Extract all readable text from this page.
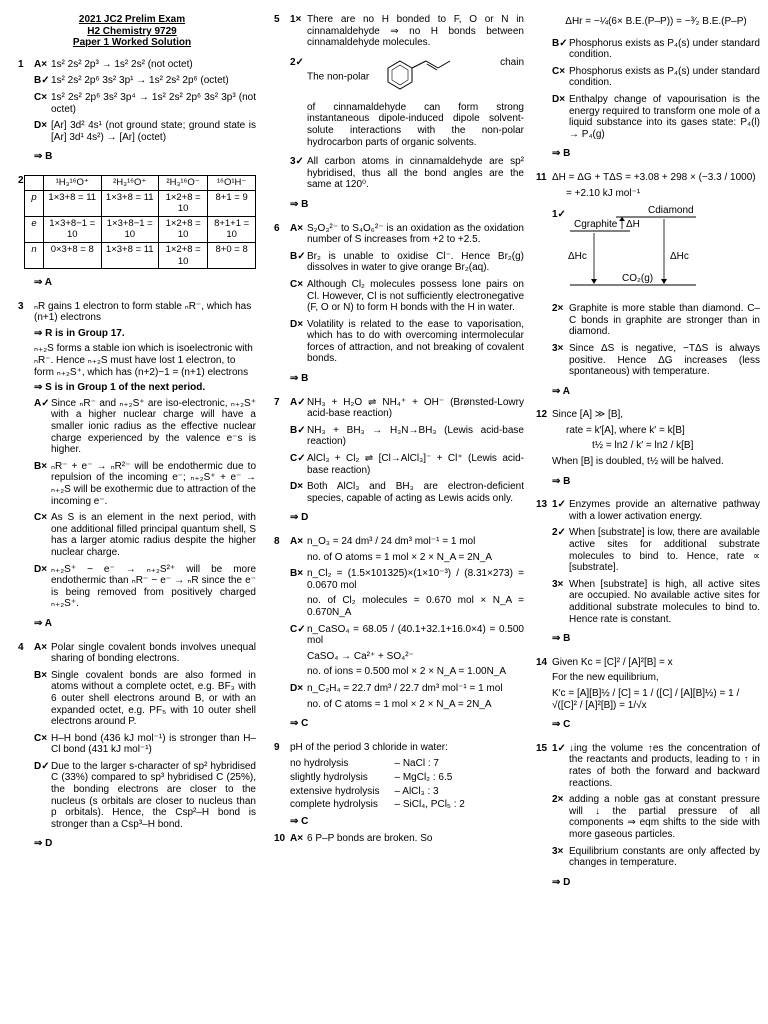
2021 JC2 Prelim Exam
H2 Chemistry 9729
Paper 1 Worked Solution
1 A× 1s² 2s² 2p³ → 1s² 2s² (not octet)
B✓ 1s² 2s² 2p⁶ 3s² 3p¹ → 1s² 2s² 2p⁶ (octet)
C× 1s² 2s² 2p⁶ 3s² 3p⁴ → 1s² 2s² 2p⁶ 3s² 3p³ (not octet)
D× [Ar] 3d² 4s¹ (not ground state; ground state is [Ar] 3d¹ 4s²) → [Ar] (octet)
⇒ B
2
		¹H₃¹⁶O⁺	²H₃¹⁶O⁺	²H₃¹⁶O⁻	¹⁶O¹H⁻
p	1×3+8 = 11	1×3+8 = 11	1×2+8 = 10	8+1 = 9
e	1×3+8−1 = 10	1×3+8−1 = 10	1×2+8 = 10	8+1+1 = 10
n	0×3+8 = 8	1×3+8 = 11	1×2+8 = 10	8+0 = 8
⇒ A
3 ₙR gains 1 electron to form stable ₙR⁻, which has (n+1) electrons

⇒ R is in Group 17.

ₙ₊₂S forms a stable ion which is isoelectronic with ₙR⁻. Hence ₙ₊₂S must have lost 1 electron, to form ₙ₊₂S⁺, which has (n+2)−1 = (n+1) electrons

⇒ S is in Group 1 of the next period.

A✓ Since ₙR⁻ and ₙ₊₂S⁺ are iso-electronic, ₙ₊₂S⁺ with a higher nuclear charge will have a smaller ionic radius as the effective nuclear charge experienced by the valence e⁻s is higher.
B× ₙR⁻ + e⁻ → ₙR²⁻ will be endothermic due to repulsion of the incoming e⁻; ₙ₊₂S⁺ + e⁻ → ₙ₊₂S will be exothermic due to attraction of the incoming e⁻.
C× As S is an element in the next period, with one additional filled principal quantum shell, S has a larger atomic radius despite the higher nuclear charge.
D× ₙ₊₂S⁺ − e⁻ → ₙ₊₂S²⁺ will be more endothermic than ₙR⁻ − e⁻ → ₙR since the e⁻ is being removed from positively charged ₙ₊₂S⁺.
⇒ A
4 A× Polar single covalent bonds involves unequal sharing of bonding electrons.
B× Single covalent bonds are also formed in atoms without a complete octet, e.g. BF₃ with 6 outer shell electrons around B, or with an expanded octet, e.g. PF₅ with 10 outer shell electrons around P.
C× H–H bond (436 kJ mol⁻¹) is stronger than H–Cl bond (431 kJ mol⁻¹)
D✓ Due to the larger s-character of sp² hybridised C (33%) compared to sp³ hybridised C (25%), the bonding electrons are closer to the nucleus (s orbitals are closer to nucleus than p orbitals). Hence, the Csp²–H bond is stronger than a Csp³–H bond.
⇒ D
5 1× There are no H bonded to F, O or N in cinnamaldehyde ⇒ no H bonds between cinnamaldehyde molecules.
2✓
The non-polar
chain
of cinnamaldehyde can form strong instantaneous dipole-induced dipole solvent-solute interactions with the non-polar hydrocarbon parts of organic solvents.
3✓ All carbon atoms in cinnamaldehyde are sp² hybridised, thus all the bond angles are the same at 120⁰.
⇒ B
6 A× S₂O₃²⁻ to S₄O₆²⁻ is an oxidation as the oxidation number of S increases from +2 to +2.5.
B✓ Br₂ is unable to oxidise Cl⁻. Hence Br₂(g) dissolves in water to give orange Br₂(aq).
C× Although Cl₂ molecules possess lone pairs on Cl. However, Cl is not sufficiently electronegative (F, O or N) to form H bonds with the H in water.
D× Volatility is related to the ease to vaporisation, which has to do with overcoming intermolecular forces of attraction, and not breaking of covalent bonds.
⇒ B
7 A✓ NH₃ + H₂O ⇌ NH₄⁺ + OH⁻ (Brønsted-Lowry acid-base reaction)
B✓ NH₃ + BH₃ → H₃N→BH₃ (Lewis acid-base reaction)
C✓ AlCl₃ + Cl₂ ⇌ [Cl→AlCl₃]⁻ + Cl⁺ (Lewis acid-base reaction)
D× Both AlCl₃ and BH₃ are electron-deficient species, capable of acting as Lewis acids only.
⇒ D
8 A× n_O₃ = 24 dm³ / 24 dm³ mol⁻¹ = 1 mol

no. of O atoms = 1 mol × 2 × N_A = 2N_A

B× n_Cl₂ = (1.5×101325)×(1×10⁻³) / (8.31×273) = 0.0670 mol

no. of Cl₂ molecules = 0.670 mol × N_A = 0.670N_A

C✓ n_CaSO₄ = 68.05 / (40.1+32.1+16.0×4) = 0.500 mol

CaSO₄ → Ca²⁺ + SO₄²⁻

no. of ions = 0.500 mol × 2 × N_A = 1.00N_A

D× n_C₂H₄ = 22.7 dm³ / 22.7 dm³ mol⁻¹ = 1 mol

no. of C atoms = 1 mol × 2 × N_A = 2N_A

⇒ C
9 pH of the period 3 chloride in water:

no hydrolysis	– NaCl : 7
slightly hydrolysis	– MgCl₂ : 6.5
extensive hydrolysis	– AlCl₃ : 3
complete hydrolysis	– SiCl₄, PCl₅ : 2
⇒ C
10 A× 6 P–P bonds are broken. So
ΔHr = −¼(6× B.E.(P–P)) = −³⁄₂ B.E.(P–P)
B✓ Phosphorus exists as P₄(s) under standard condition.
C× Phosphorus exists as P₄(s) under standard condition.
D× Enthalpy change of vapourisation is the energy required to transform one mole of a liquid substance into its gases state: P₄(l) → P₄(g)
⇒ B
11 ΔH = ΔG + TΔS = +3.08 + 298 × (−3.3 / 1000)

= +2.10 kJ mol⁻¹

1✓	Cdiamond
Cgraphite ΔH
ΔHc	ΔHc
CO₂(g)
2× Graphite is more stable than diamond. C–C bonds in graphite are stronger than in diamond.
3× Since ΔS is negative, −TΔS is always positive. Hence ΔG increases (less spontaneous) with temperature.
⇒ A
12 Since [A] ≫ [B],

rate = k′[A], where k′ = k[B]

t½ = ln2 / k′ = ln2 / k[B]

When [B] is doubled, t½ will be halved.

⇒ B
13 1✓ Enzymes provide an alternative pathway with a lower activation energy.
2✓ When [substrate] is low, there are available active sites for additional substrate molecules to bind to. Hence, rate ∝ [substrate].
3× When [substrate] is high, all active sites are occupied. No available active sites for additional substrate molecules to bind to. Hence rate is constant.
⇒ B
14 Given Kc = [C]² / [A]²[B] = x

For the new equilibrium,

K′c = [A][B]½ / [C] = 1 / ([C] / [A][B]½) = 1 / √([C]² / [A]²[B]) = 1/√x

⇒ C
15 1✓ ↓ing the volume ↑es the concentration of the reactants and products, leading to ↑ in rates of both the forward and backward reactions.
2× adding a noble gas at constant pressure will ↓ the partial pressure of all components ⇒ eqm shifts to the side with more gaseous particles.
3× Equilibrium constants are only affected by changes in temperature.
⇒ D
